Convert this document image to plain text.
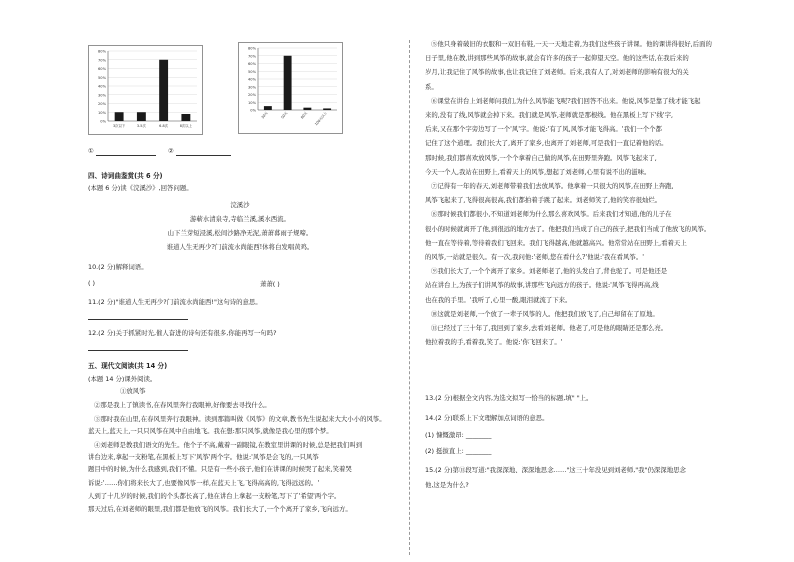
0%
10%
20%
30%
40%
50%
60%
70%
80%
3次以下	3-5次	6-8次	8次以上
0%
10%
20%
30%
40%
50%
60%
70%
80%
30元	50元	80元 100元以上
①	②
四、诗词曲鉴赏(共 6 分)
(本题 6 分)读《浣溪沙》,回答问题。
浣溪沙
游蕲水清泉寺,寺临兰溪,溪水西流。
山下兰芽短浸溪,松间沙路净无泥,萧萧暮雨子规啼。
谁道人生无再少?门前流水尚能西!休将白发唱黄鸡。
10.(2 分)解释词语。
( )	萧萧( )
11.(2 分)"谁道人生无再少?门前流水尚能西!"这句诗的意思。
12.(2 分)关于抓紧时光,催人奋进的诗句还有很多,你能再写一句吗?
五、现代文阅读(共 14 分)
(本题 14 分)课外阅读。
①放风筝
②那是我上了镇读书,在春风里奔行我眼神,好像要去寻找什么。
③那时我在山里,在春风里奔行我眼神。读到那篇叫做《风筝》的文章,教书先生说起来大大小小的风筝。
蓝天上,蓝天上,一只只风筝在风中自由地飞。我在想:那只风筝,就像是我心里的那个梦。
④刘老师是教我们语文的先生。他个子不高,戴着一副眼镜,在教室里讲课的时候,总是把我们叫到
讲台边来,拿起一支粉笔,在黑板上写下'风筝'两个字。他说:'风筝是会飞的,一只风筝
题目中的时候,为什么我感到,我们不懂。只是有一些小孩子,他们在讲课的时候哭了起来,笑着哭
诉说:'……你们将来长大了,也要像风筝一样,在蓝天上飞,飞得高高的,飞得远远的。'
人到了十几岁的时候,我们的个头都长高了,他在讲台上拿起一支粉笔,写下了'希望'两个字。
那天过后,在刘老师的眼里,我们都是他放飞的风筝。我们长大了,一个个离开了家乡,飞向远方。
⑤他只身着破旧的衣服和一双旧布鞋,一天一天地走着,为我们这些孩子讲课。他的课讲得很好,后面的
日子里,他在教,讲到那些风筝的故事,就会有许多的孩子一起仰望天空。他的这些话,在我后来的
岁月,让我记住了风筝的故事,也让我记住了刘老师。后来,我有人了,对刘老师的影响有很大的关
系。
⑥课堂在讲台上刘老师问我们,为什么风筝能飞呢?我们回答不出来。他说,风筝是靠了线才能飞起
来的,没有了线,风筝就会掉下来。我们就是风筝,老师就是那根线。他在黑板上写下'线'字,
后来,又在那个字旁边写了一个'风'字。他说:'有了风,风筝才能飞得高。'我们一个个都
记住了这个道理。我们长大了,离开了家乡,也离开了刘老师,可是我们一直记着他的话。
那时候,我们都喜欢放风筝,一个个拿着自己做的风筝,在田野里奔跑。风筝飞起来了,
今天一个人,我站在田野上,看着天上的风筝,想起了刘老师,心里有说不出的滋味。
⑦记得有一年的春天,刘老师带着我们去放风筝。他拿着一只很大的风筝,在田野上奔跑,
风筝飞起来了,飞得很高很高,我们都拍着手跳了起来。刘老师笑了,他的笑容很灿烂。
⑧那时候我们都很小,不知道刘老师为什么那么喜欢风筝。后来我们才知道,他的儿子在
很小的时候就离开了他,到很远的地方去了。他把我们当成了自己的孩子,把我们当成了他放飞的风筝。
他一直在等待着,等待着我们飞回来。我们飞得越高,他就越高兴。他常常站在田野上,看着天上
的风筝,一站就是很久。有一次,我问他:'老师,您在看什么?'他说:'我在看风筝。'
⑨我们长大了,一个个离开了家乡。刘老师老了,他的头发白了,背也驼了。可是他还是
站在讲台上,为孩子们讲风筝的故事,讲那些飞向远方的孩子。他说:'风筝飞得再高,线
也在我的手里。'我听了,心里一酸,眼泪就流了下来。
⑩这就是刘老师,一个放了一辈子风筝的人。他把我们放飞了,自己却留在了原地。
⑪已经过了三十年了,我回到了家乡,去看刘老师。他老了,可是他的眼睛还是那么亮。
他拉着我的手,看着我,笑了。他说:'你飞回来了。'
13.(2 分)根据全文内容,为选文拟写一恰当的标题,填" "上。
14.(2 分)联系上下文理解加点词语的意思。
(1) 慷慨激昂: ________
(2) 挺拔直上: ________
15.(2 分)第⑪段写道:"我深深地、深深地思念……"这三十年没见到刘老师,"我"仍深深地思念
他,这是为什么?
